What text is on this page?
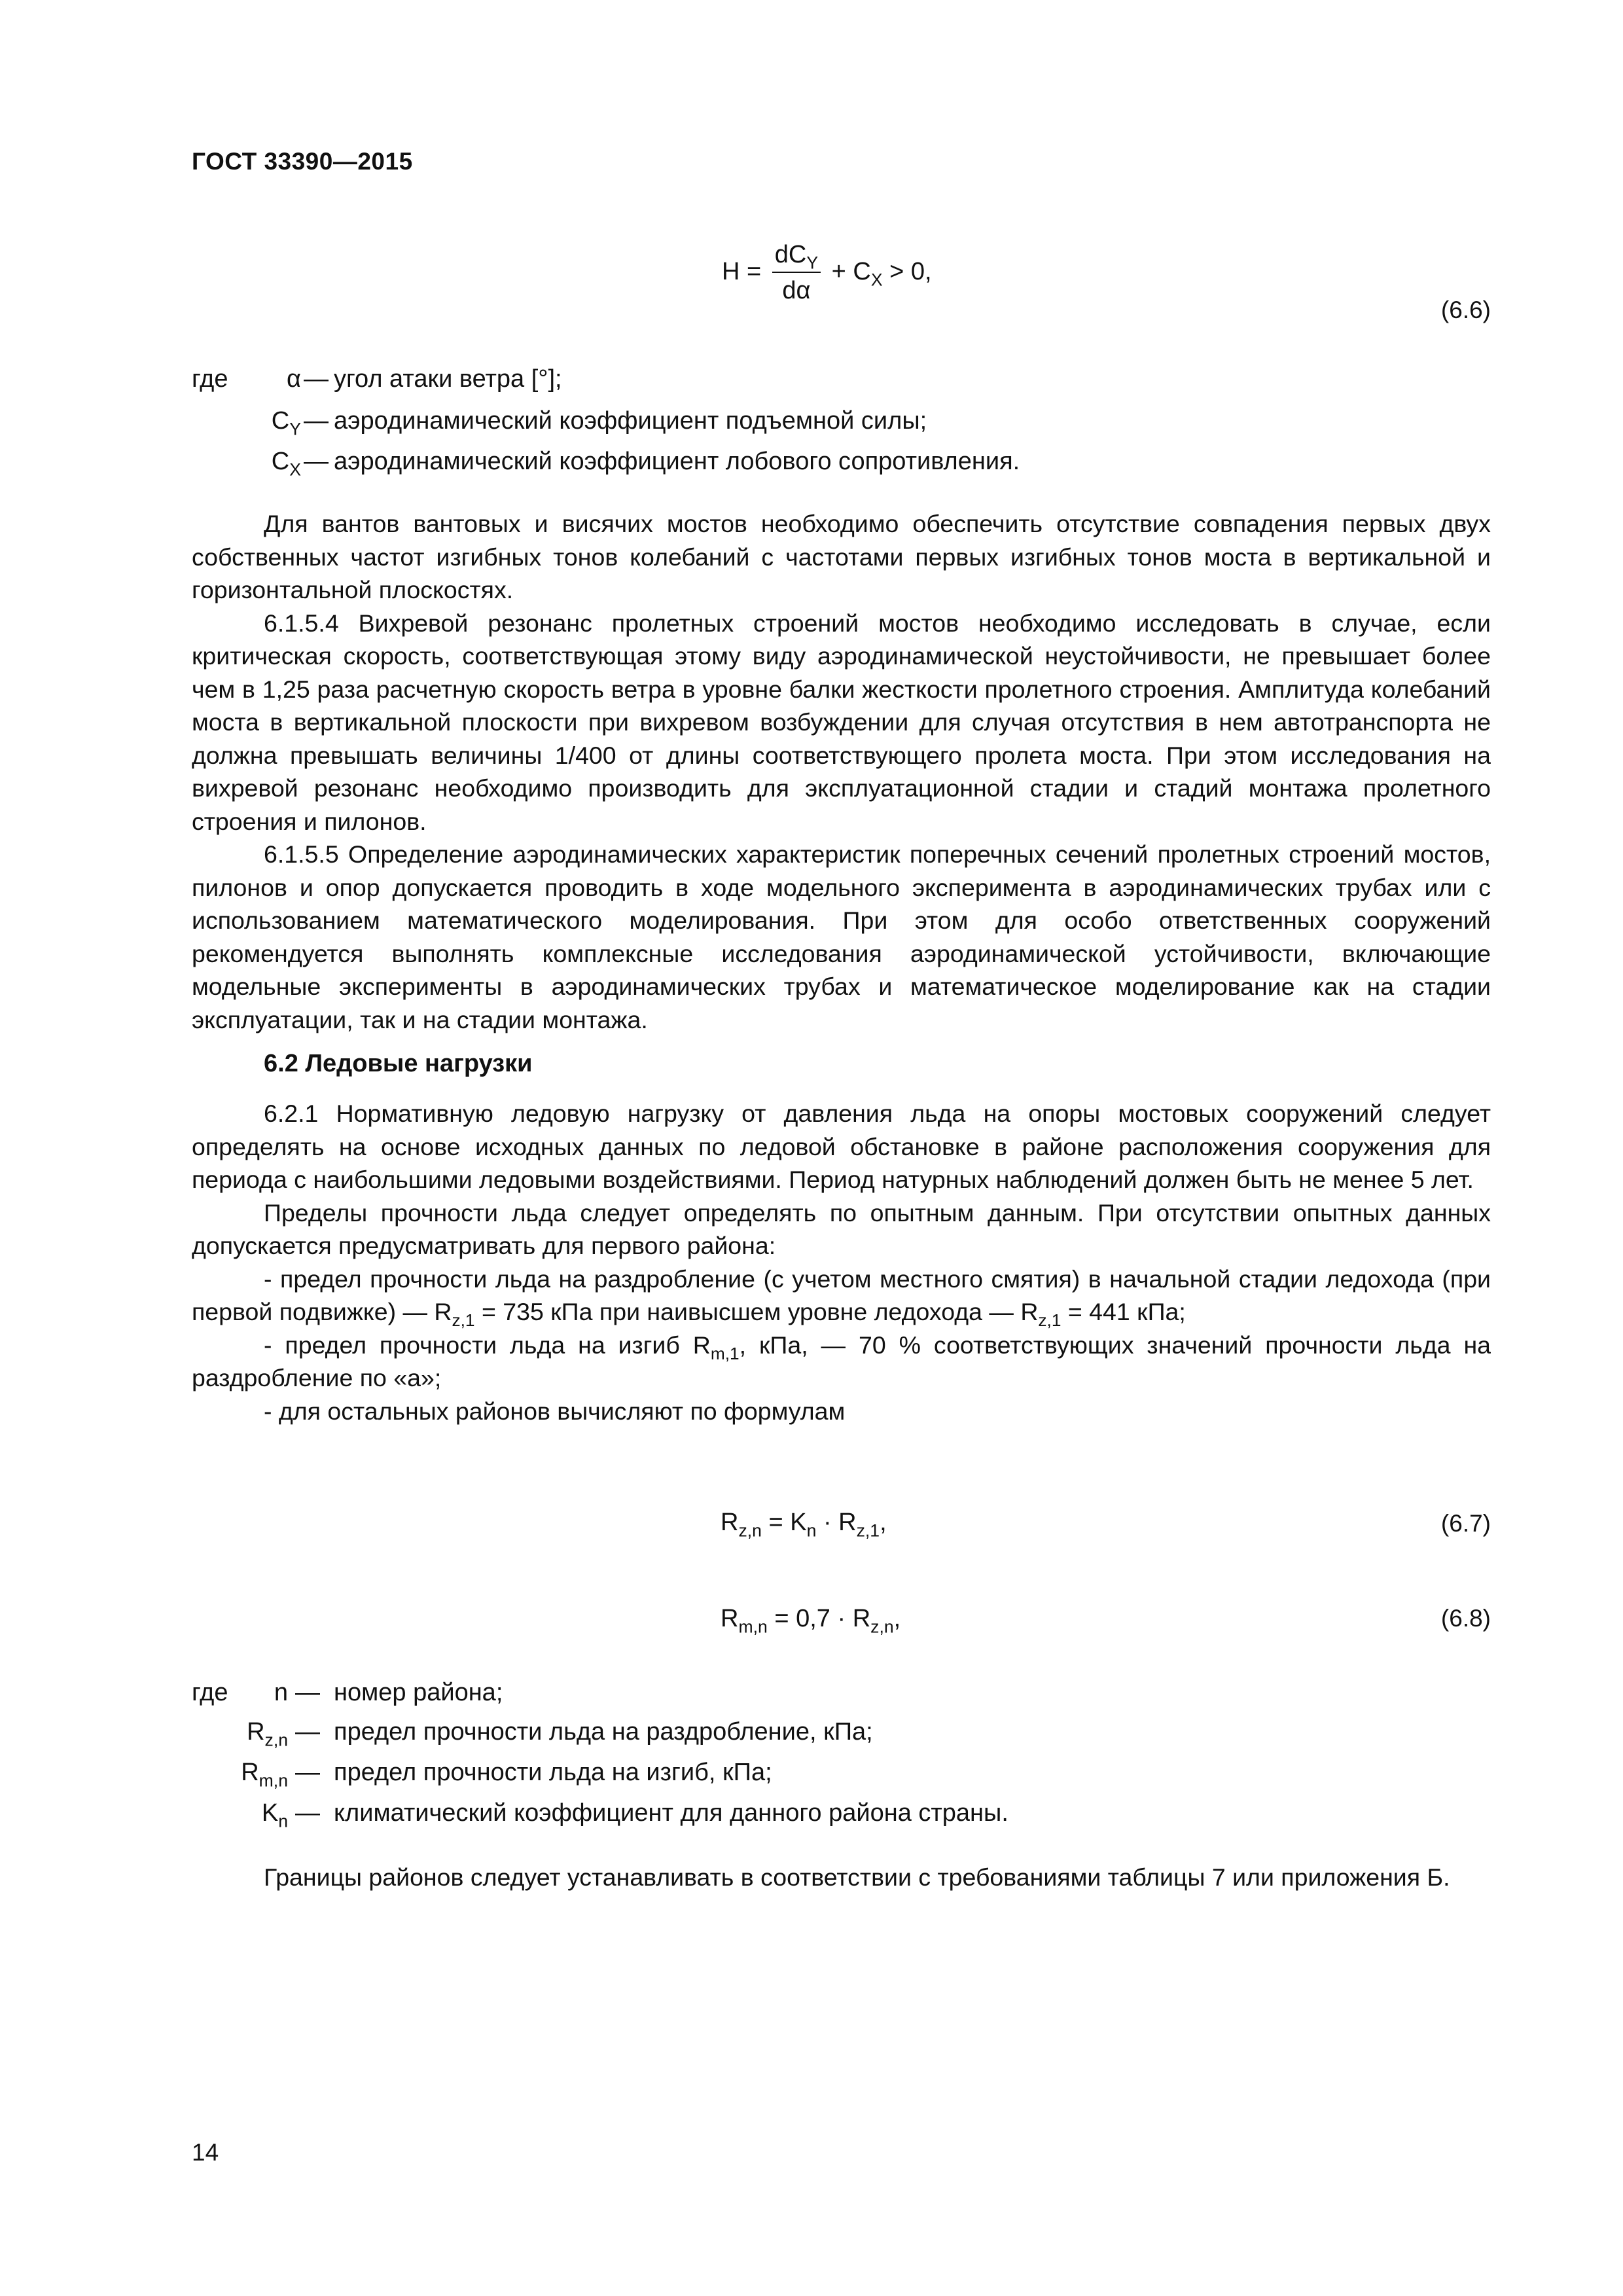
ГОСТ 33390—2015
$H = \frac{dC_Y}{d\alpha} + C_X > 0$,
(6.6)
где α — угол атаки ветра [°];
$C_Y$ — аэродинамический коэффициент подъемной силы;
$C_X$ — аэродинамический коэффициент лобового сопротивления.

Для вантов вантовых и висячих мостов необходимо обеспечить отсутствие совпадения первых двух собственных частот изгибных тонов колебаний с частотами первых изгибных тонов моста в вертикальной и горизонтальной плоскостях.

6.1.5.4 Вихревой резонанс пролетных строений мостов необходимо исследовать в случае, если критическая скорость, соответствующая этому виду аэродинамической неустойчивости, не превышает более чем в 1,25 раза расчетную скорость ветра в уровне балки жесткости пролетного строения. Амплитуда колебаний моста в вертикальной плоскости при вихревом возбуждении для случая отсутствия в нем автотранспорта не должна превышать величины 1/400 от длины соответствующего пролета моста. При этом исследования на вихревой резонанс необходимо производить для эксплуатационной стадии и стадий монтажа пролетного строения и пилонов.

6.1.5.5 Определение аэродинамических характеристик поперечных сечений пролетных строений мостов, пилонов и опор допускается проводить в ходе модельного эксперимента в аэродинамических трубах или с использованием математического моделирования. При этом для особо ответственных сооружений рекомендуется выполнять комплексные исследования аэродинамической устойчивости, включающие модельные эксперименты в аэродинамических трубах и математическое моделирование как на стадии эксплуатации, так и на стадии монтажа.

6.2 Ледовые нагрузки

6.2.1 Нормативную ледовую нагрузку от давления льда на опоры мостовых сооружений следует определять на основе исходных данных по ледовой обстановке в районе расположения сооружения для периода с наибольшими ледовыми воздействиями. Период натурных наблюдений должен быть не менее 5 лет.

Пределы прочности льда следует определять по опытным данным. При отсутствии опытных данных допускается предусматривать для первого района:

- предел прочности льда на раздробление (с учетом местного смятия) в начальной стадии ледохода (при первой подвижке) — $R_{z,1} = 735$ кПа при наивысшем уровне ледохода — $R_{z,1} = 441$ кПа;

- предел прочности льда на изгиб $R_{m,1}$, кПа, — 70 % соответствующих значений прочности льда на раздробление по «а»;

- для остальных районов вычисляют по формулам

$R_{z,n} = K_n \cdot R_{z,1}$,	(6.7)
$R_{m,n} = 0,7 \cdot R_{z,n}$,	(6.8)
где n — номер района;
$R_{z,n}$ — предел прочности льда на раздробление, кПа;
$R_{m,n}$ — предел прочности льда на изгиб, кПа;
$K_n$ — климатический коэффициент для данного района страны.

Границы районов следует устанавливать в соответствии с требованиями таблицы 7 или приложения Б.

14
